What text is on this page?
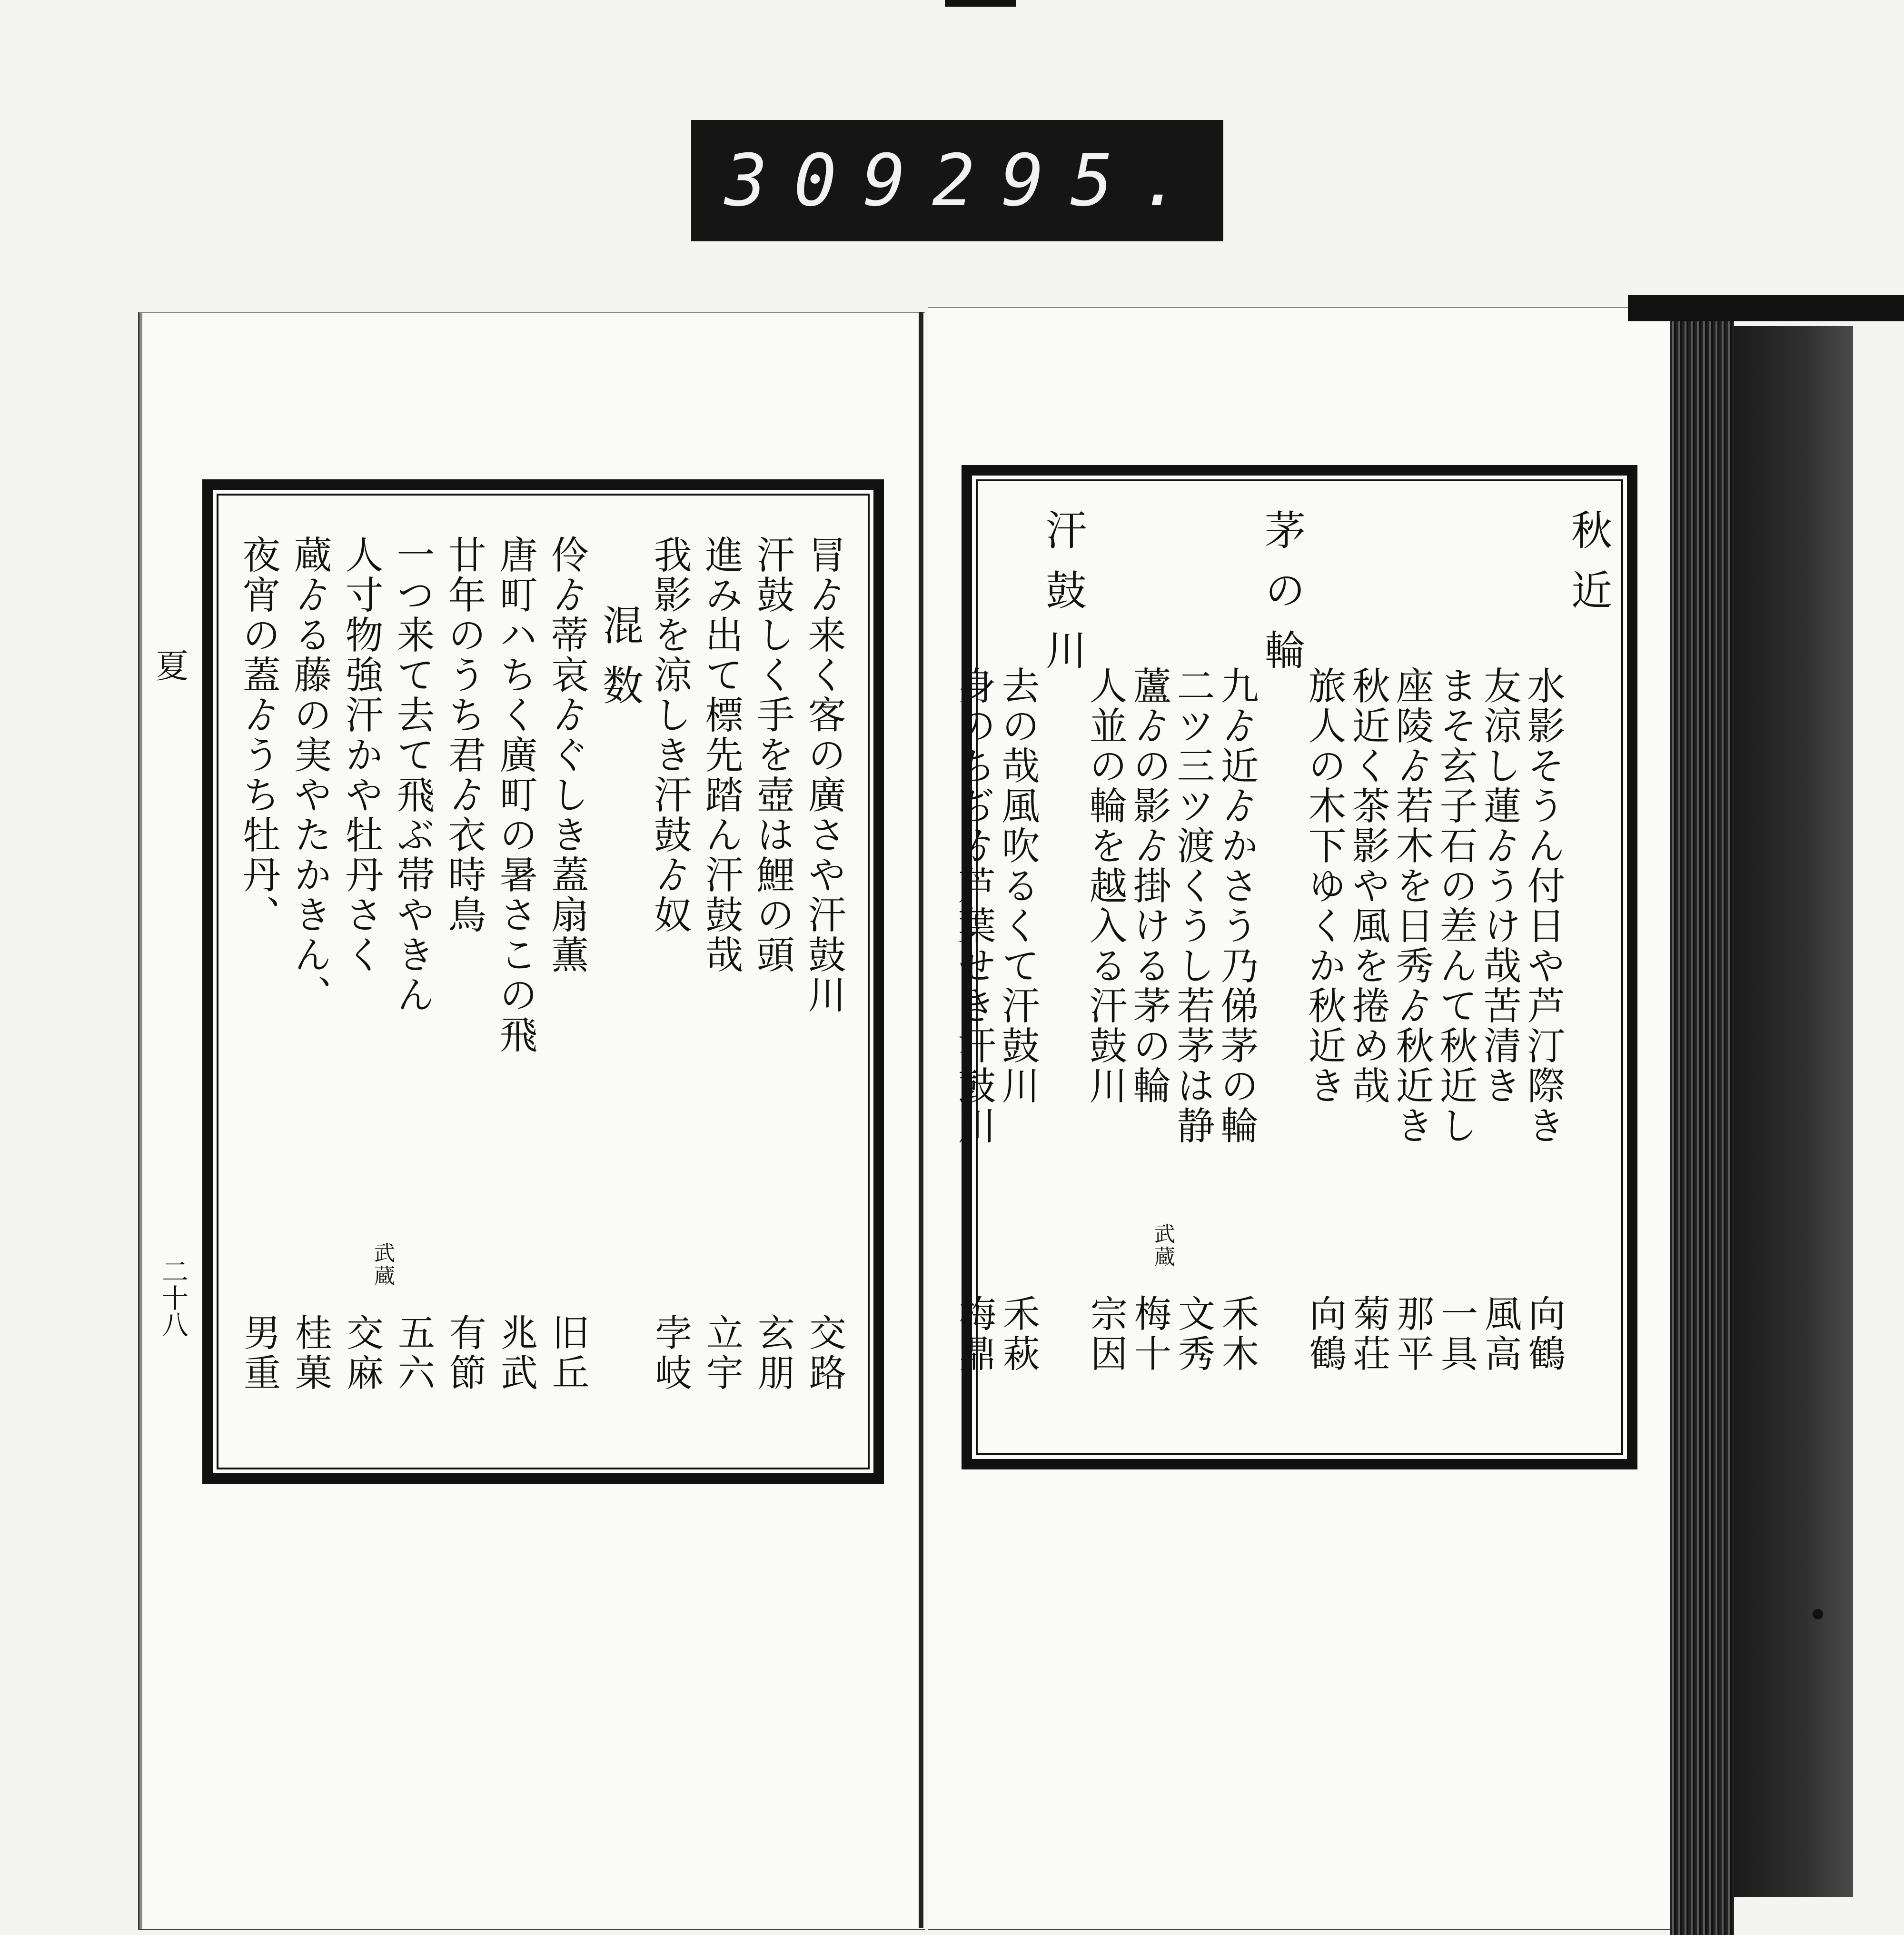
309 295.
夏
二十八
冐ゟ来く客の廣さや汗鼓川
交路
汗鼓しく手を壺は鯉の頭
玄朋
進み出て標先踏ん汗鼓哉
立宇
我影を涼しき汗鼓ゟ奴
孛岐
混数
伶ゟ蒂哀ゟぐしき蓋扇薫
旧丘
唐町ハちく廣町の暑さこの飛
兆武
廿年のうち君ゟ衣時鳥
有節
一つ来て去て飛ぶ帯やきん
五六
武蔵
人寸物強汗かや牡丹さく
交麻
蔵ゟる藤の実やたかきん、
桂菓
夜宵の蓋ゟうち牡丹、
男重
秋近
水影そうん付日や芦汀際き
向鶴
友涼し蓮ゟうけ哉苦清き
風高
まそ玄子石の差んて秋近し
一具
座陵ゟ若木を日秀ゟ秋近き
那平
秋近く茶影や風を捲め哉
菊荘
旅人の木下ゆくか秋近き
向鶴
茅の輪
九ゟ近ゟかさう乃俤茅の輪
禾木
二ツ三ツ渡くうし若茅は静
文秀
武蔵
蘆ゟの影ゟ掛ける茅の輪
梅十
人並の輪を越入る汗鼓川
宗因
汗鼓川
去の哉風吹るくて汗鼓川
禾萩
身のちぢゟ芦葉せき汗鼓川
梅鼎
